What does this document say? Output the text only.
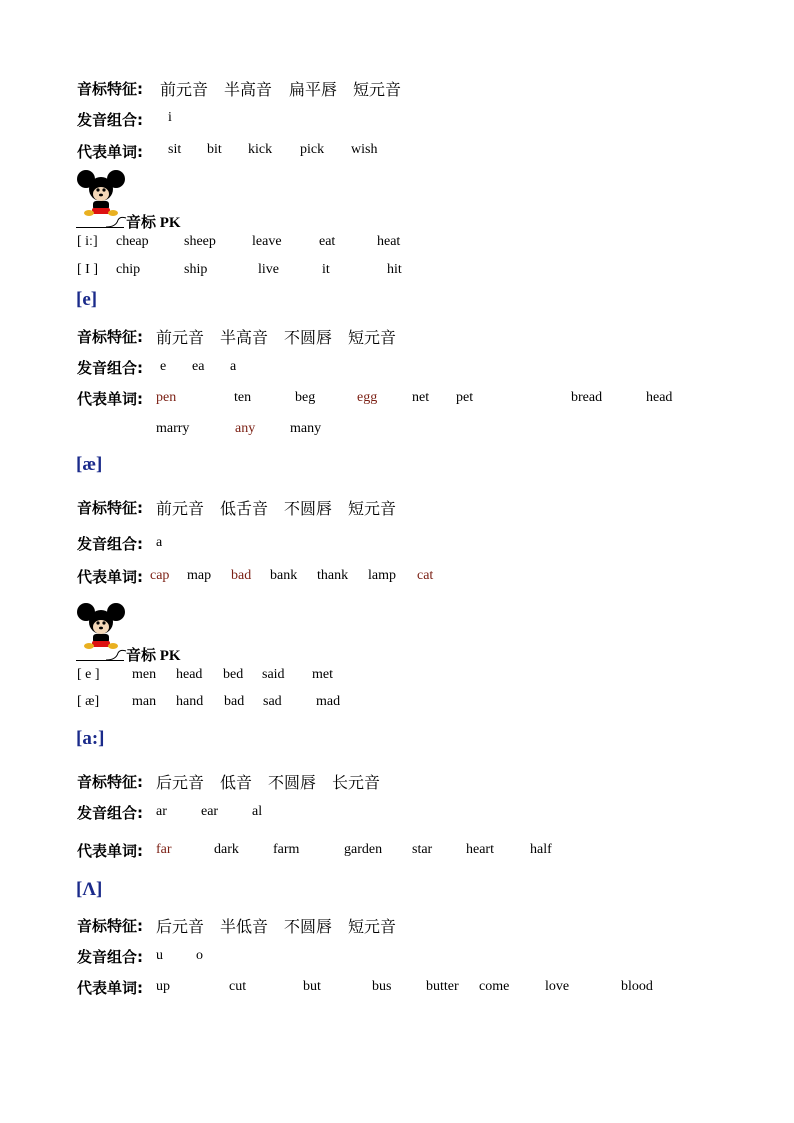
音标特征: 前元音 半高音 扁平唇 短元音
发音组合: i
代表单词: sit bit kick pick wish
音标 PK
[ iː] cheap	sheep	leave	eat	heat
[ I ] chip	ship	live	it	hit
[e]
音标特征: 前元音 半高音 不圆唇 短元音
发音组合: e ea a
代表单词: pen	ten	beg	egg net pet	bread	head
marry	any many
[æ]
音标特征: 前元音 低舌音 不圆唇 短元音
发音组合: a
代表单词: cap map bad bank thank lamp cat
音标 PK
[ e ] men head bed said met
[ æ] man hand bad sad mad
[a:]
音标特征: 后元音 低音 不圆唇 长元音
发音组合: ar ear al
代表单词: far	dark farm	garden star heart	half
[Λ]
音标特征: 后元音 半低音 不圆唇 短元音
发音组合: u o
代表单词: up	cut	but	bus butter come	love	blood
